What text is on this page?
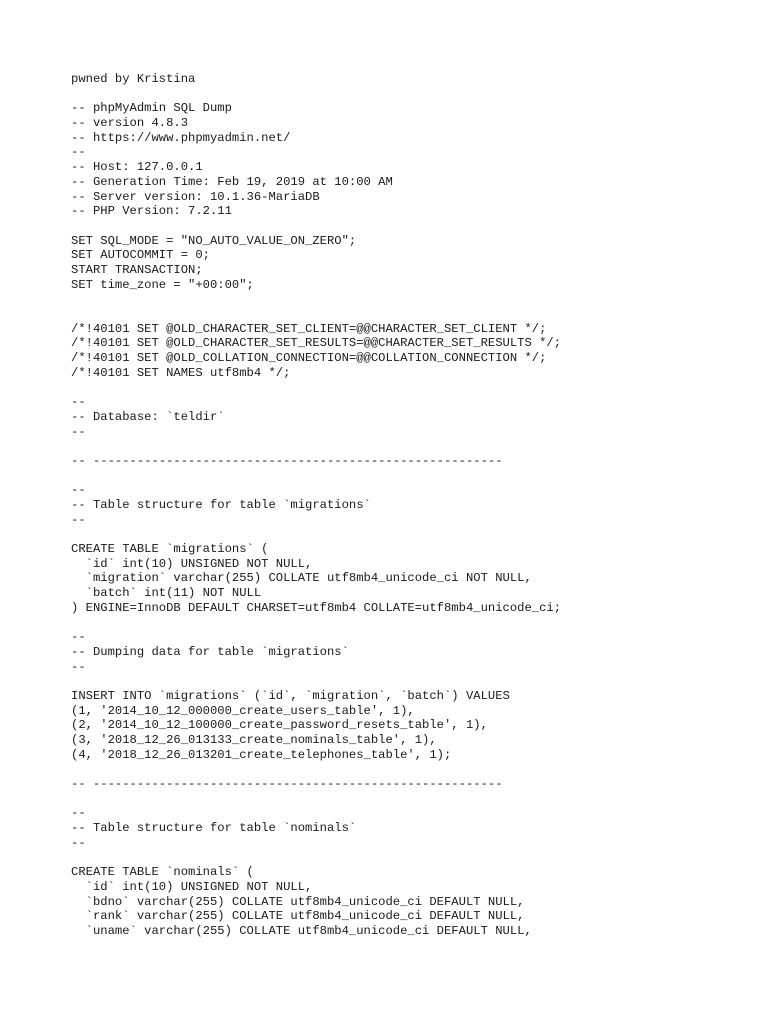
pwned by Kristina
-- phpMyAdmin SQL Dump
-- version 4.8.3
-- https://www.phpmyadmin.net/
--
-- Host: 127.0.0.1
-- Generation Time: Feb 19, 2019 at 10:00 AM
-- Server version: 10.1.36-MariaDB
-- PHP Version: 7.2.11
SET SQL_MODE = "NO_AUTO_VALUE_ON_ZERO";
SET AUTOCOMMIT = 0;
START TRANSACTION;
SET time_zone = "+00:00";
/*!40101 SET @OLD_CHARACTER_SET_CLIENT=@@CHARACTER_SET_CLIENT */;
/*!40101 SET @OLD_CHARACTER_SET_RESULTS=@@CHARACTER_SET_RESULTS */;
/*!40101 SET @OLD_COLLATION_CONNECTION=@@COLLATION_CONNECTION */;
/*!40101 SET NAMES utf8mb4 */;
--
-- Database: `teldir`
--
-- --------------------------------------------------------
--
-- Table structure for table `migrations`
--
CREATE TABLE `migrations` (
`id` int(10) UNSIGNED NOT NULL,
`migration` varchar(255) COLLATE utf8mb4_unicode_ci NOT NULL,
`batch` int(11) NOT NULL
) ENGINE=InnoDB DEFAULT CHARSET=utf8mb4 COLLATE=utf8mb4_unicode_ci;
--
-- Dumping data for table `migrations`
--
INSERT INTO `migrations` (`id`, `migration`, `batch`) VALUES
(1, '2014_10_12_000000_create_users_table', 1),
(2, '2014_10_12_100000_create_password_resets_table', 1),
(3, '2018_12_26_013133_create_nominals_table', 1),
(4, '2018_12_26_013201_create_telephones_table', 1);
-- --------------------------------------------------------
--
-- Table structure for table `nominals`
--
CREATE TABLE `nominals` (
`id` int(10) UNSIGNED NOT NULL,
`bdno` varchar(255) COLLATE utf8mb4_unicode_ci DEFAULT NULL,
`rank` varchar(255) COLLATE utf8mb4_unicode_ci DEFAULT NULL,
`uname` varchar(255) COLLATE utf8mb4_unicode_ci DEFAULT NULL,
